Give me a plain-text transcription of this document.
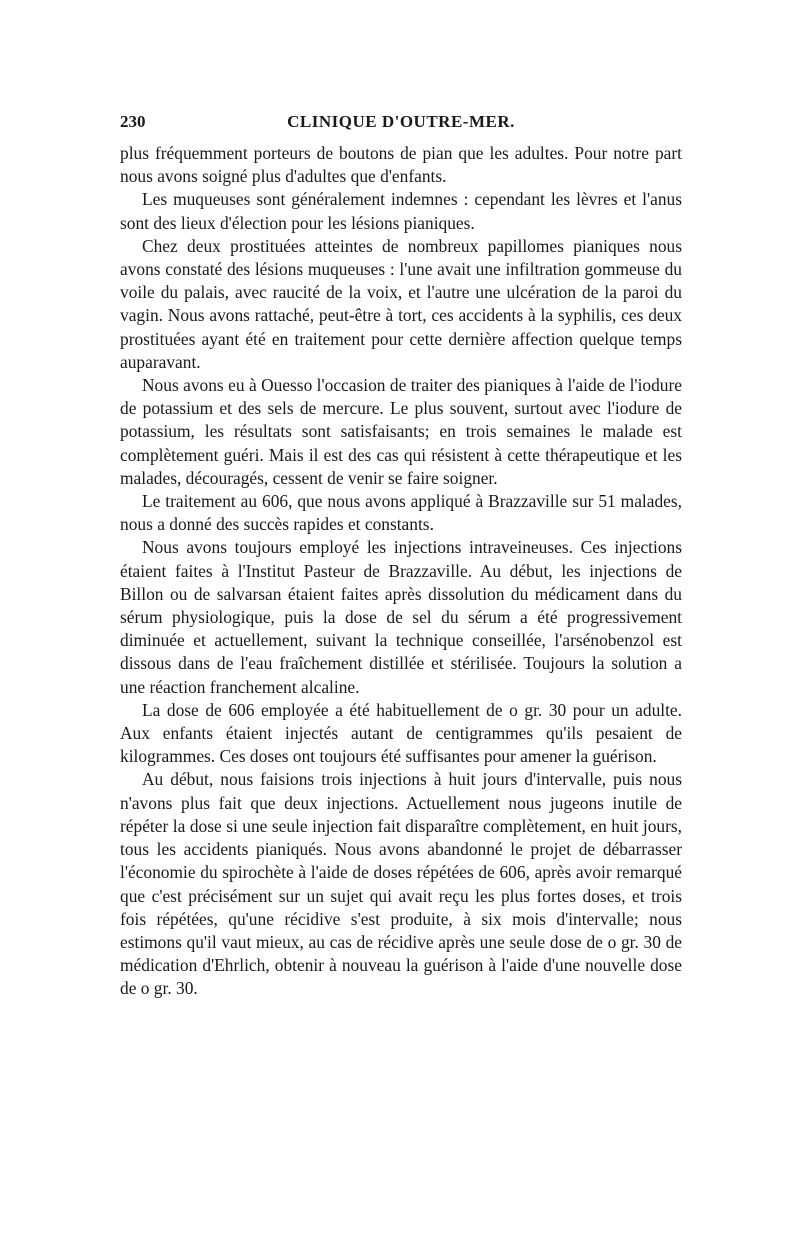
230	CLINIQUE D'OUTRE-MER.

plus fréquemment porteurs de boutons de pian que les adultes. Pour notre part nous avons soigné plus d'adultes que d'enfants.

Les muqueuses sont généralement indemnes : cependant les lèvres et l'anus sont des lieux d'élection pour les lésions pianiques.

Chez deux prostituées atteintes de nombreux papillomes pianiques nous avons constaté des lésions muqueuses : l'une avait une infiltration gommeuse du voile du palais, avec raucité de la voix, et l'autre une ulcération de la paroi du vagin. Nous avons rattaché, peut-être à tort, ces accidents à la syphilis, ces deux prostituées ayant été en traitement pour cette dernière affection quelque temps auparavant.

Nous avons eu à Ouesso l'occasion de traiter des pianiques à l'aide de l'iodure de potassium et des sels de mercure. Le plus souvent, surtout avec l'iodure de potassium, les résultats sont satisfaisants; en trois semaines le malade est complètement guéri. Mais il est des cas qui résistent à cette thérapeutique et les malades, découragés, cessent de venir se faire soigner.

Le traitement au 606, que nous avons appliqué à Brazzaville sur 51 malades, nous a donné des succès rapides et constants.

Nous avons toujours employé les injections intraveineuses. Ces injections étaient faites à l'Institut Pasteur de Brazzaville. Au début, les injections de Billon ou de salvarsan étaient faites après dissolution du médicament dans du sérum physiologique, puis la dose de sel du sérum a été progressivement diminuée et actuellement, suivant la technique conseillée, l'arsénobenzol est dissous dans de l'eau fraîchement distillée et stérilisée. Toujours la solution a une réaction franchement alcaline.

La dose de 606 employée a été habituellement de o gr. 30 pour un adulte. Aux enfants étaient injectés autant de centigrammes qu'ils pesaient de kilogrammes. Ces doses ont toujours été suffisantes pour amener la guérison.

Au début, nous faisions trois injections à huit jours d'intervalle, puis nous n'avons plus fait que deux injections. Actuellement nous jugeons inutile de répéter la dose si une seule injection fait disparaître complètement, en huit jours, tous les accidents pianiqués. Nous avons abandonné le projet de débarrasser l'économie du spirochète à l'aide de doses répétées de 606, après avoir remarqué que c'est précisément sur un sujet qui avait reçu les plus fortes doses, et trois fois répétées, qu'une récidive s'est produite, à six mois d'intervalle; nous estimons qu'il vaut mieux, au cas de récidive après une seule dose de o gr. 30 de médication d'Ehrlich, obtenir à nouveau la guérison à l'aide d'une nouvelle dose de o gr. 30.
